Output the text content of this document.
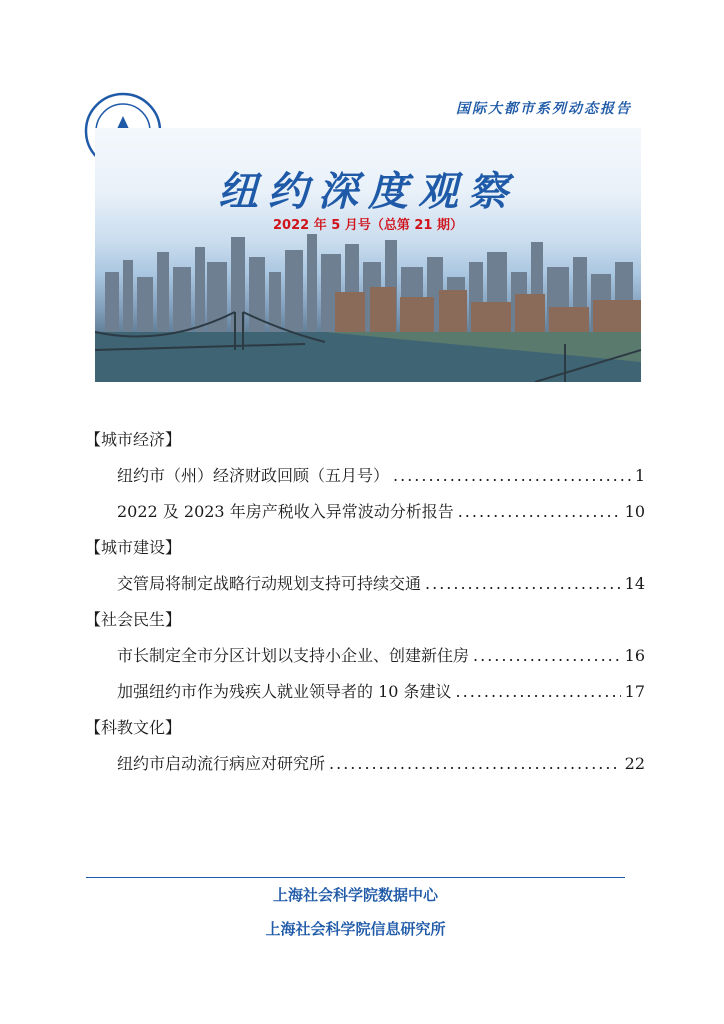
国际大都市系列动态报告
纽约深度观察
2022 年 5 月号（总第 21 期）
【城市经济】
纽约市（州）经济财政回顾（五月号） .....	1
2022 及 2023 年房产税收入异常波动分析报告 .....	10
【城市建设】
交管局将制定战略行动规划支持可持续交通 .....	14
【社会民生】
市长制定全市分区计划以支持小企业、创建新住房 .....	16
加强纽约市作为残疾人就业领导者的 10 条建议 .....	17
【科教文化】
纽约市启动流行病应对研究所 .....	22
上海社会科学院数据中心
上海社会科学院信息研究所
